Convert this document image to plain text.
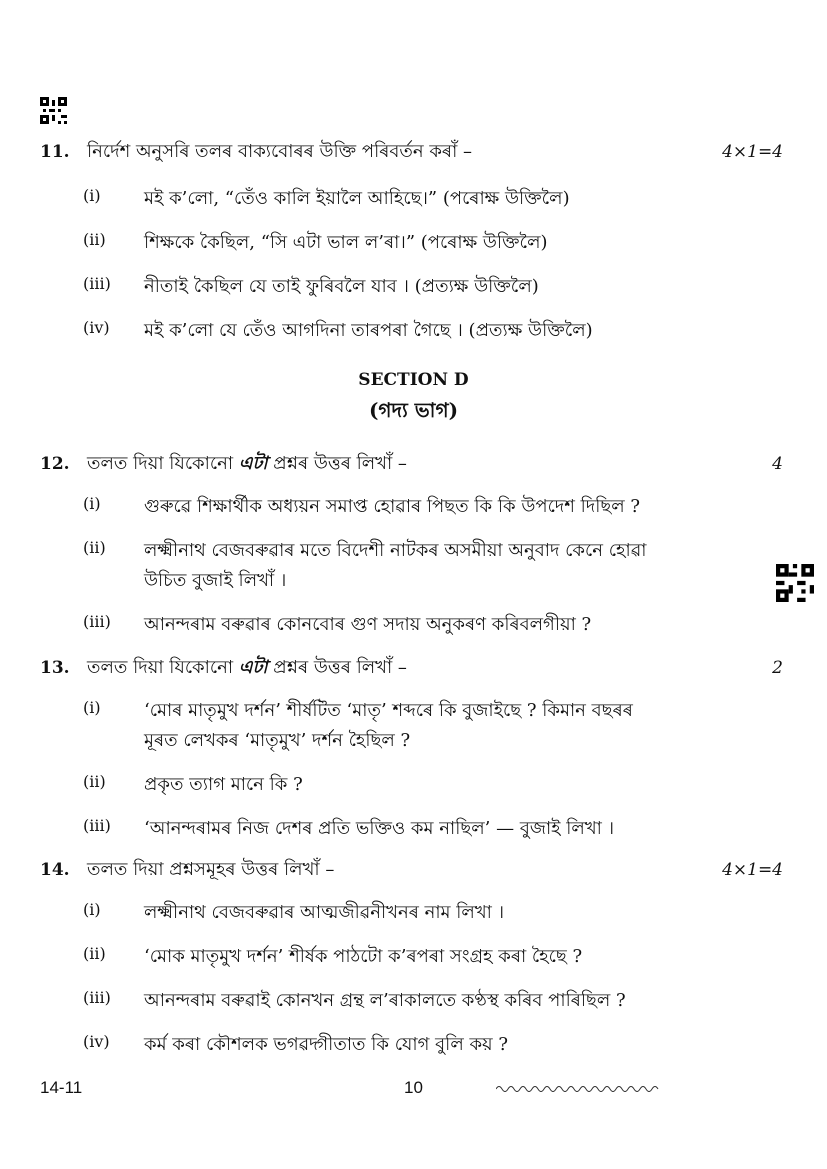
11. নির্দেশ অনুসৰি তলৰ বাক্যবোৰৰ উক্তি পৰিবৰ্তন কৰাঁ –	4×1=4
(i) মই ক’লো, “তেঁও কালি ইয়ালৈ আহিছে।” (পৰোক্ষ উক্তিলৈ)
(ii) শিক্ষকে কৈছিল, “সি এটা ভাল ল’ৰা।” (পৰোক্ষ উক্তিলৈ)
(iii) নীতাই কৈছিল যে তাই ফুৰিবলৈ যাব । (প্ৰত্যক্ষ উক্তিলৈ)
(iv) মই ক’লো যে তেঁও আগদিনা তাৰপৰা গৈছে । (প্ৰত্যক্ষ উক্তিলৈ)
SECTION D
(গদ্য ভাগ)
12. তলত দিয়া যিকোনো এটা প্ৰশ্নৰ উত্তৰ লিখাঁ –	4
(i) গুৰুৱে শিক্ষাৰ্থীক অধ্যয়ন সমাপ্ত হোৱাৰ পিছত কি কি উপদেশ দিছিল ?
(ii) লক্ষ্মীনাথ বেজবৰুৱাৰ মতে বিদেশী নাটকৰ অসমীয়া অনুবাদ কেনে হোৱা
উচিত বুজাই লিখাঁ ।
(iii) আনন্দৰাম বৰুৱাৰ কোনবোৰ গুণ সদায় অনুকৰণ কৰিবলগীয়া ?
13. তলত দিয়া যিকোনো এটা প্ৰশ্নৰ উত্তৰ লিখাঁ –	2
(i) ‘মোৰ মাতৃমুখ দৰ্শন’ শীৰ্ষটিত ‘মাতৃ’ শব্দৰে কি বুজাইছে ? কিমান বছৰৰ
মূৰত লেখকৰ ‘মাতৃমুখ’ দৰ্শন হৈছিল ?
(ii) প্ৰকৃত ত্যাগ মানে কি ?
(iii) ‘আনন্দৰামৰ নিজ দেশৰ প্ৰতি ভক্তিও কম নাছিল’ — বুজাই লিখা ।
14. তলত দিয়া প্ৰশ্নসমূহৰ উত্তৰ লিখাঁ –	4×1=4
(i) লক্ষ্মীনাথ বেজবৰুৱাৰ আত্মজীৱনীখনৰ নাম লিখা ।
(ii) ‘মোক মাতৃমুখ দৰ্শন’ শীৰ্ষক পাঠটো ক’ৰপৰা সংগ্ৰহ কৰা হৈছে ?
(iii) আনন্দৰাম বৰুৱাই কোনখন গ্ৰন্থ ল’ৰাকালতে কণ্ঠস্থ কৰিব পাৰিছিল ?
(iv) কৰ্ম কৰা কৌশলক ভগৱদ্গীতাত কি যোগ বুলি কয় ?
14-11	10
